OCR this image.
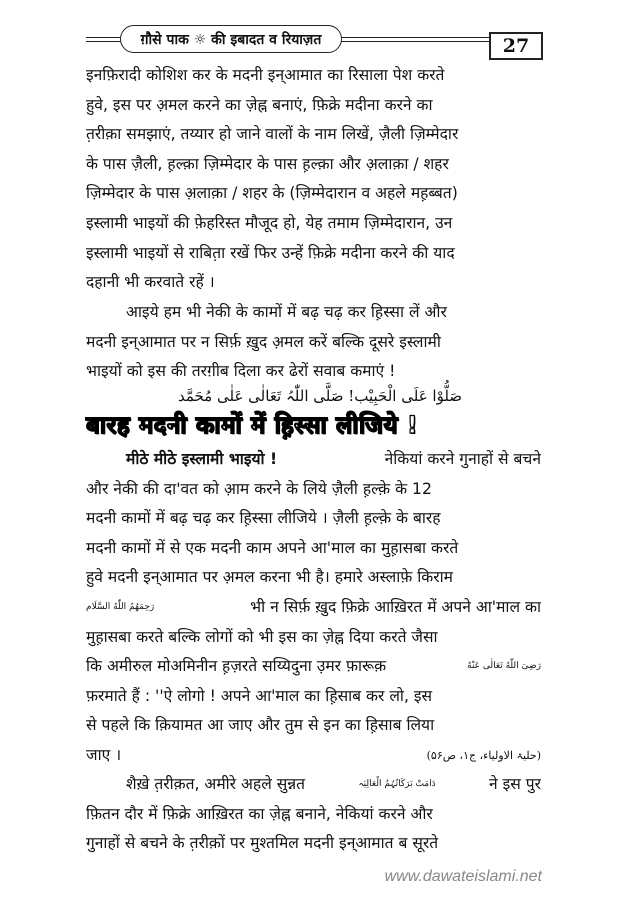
ग़ौसे पाक ☼ की इबादत व रियाज़त	27
इनफ़िरादी कोशिश कर के मदनी इन्आमात का रिसाला पेश करते
हुवे, इस पर अ़मल करने का ज़ेह्न बनाएं, फ़िक्रे मदीना करने का
त़रीक़ा समझाएं, तय्यार हो जाने वालों के नाम लिखें, ज़ैली ज़िम्मेदार
के पास ज़ैली, ह़ल्क़ा ज़िम्मेदार के पास ह़ल्क़ा और अ़लाक़ा / शहर
ज़िम्मेदार के पास अ़लाक़ा / शहर के (ज़िम्मेदारान व अहले मह़ब्बत)
इस्लामी भाइयों की फ़ेहरिस्त मौजूद हो, येह तमाम ज़िम्मेदारान, उन
इस्लामी भाइयों से राबित़ा रखें फिर उन्हें फ़िक्रे मदीना करने की याद
दहानी भी करवाते रहें ।
आइये हम भी नेकी के कामों में बढ़ चढ़ कर ह़िस्सा लें और
मदनी इन्आमात पर न सिर्फ़ ख़ुद अ़मल करें बल्कि दूसरे इस्लामी
भाइयों को इस की तरग़ीब दिला कर ढेरों सवाब कमाएं !
صَلُّوْا عَلَی الْحَبِیْب! صَلَّی اللّٰہُ تَعَالٰی عَلٰی مُحَمَّد
बारह मदनी कामों में ह़िस्सा लीजिये !
मीठे मीठे इस्लामी भाइयो !	नेकियां करने गुनाहों से बचने
और नेकी की दा'वत को आ़म करने के लिये ज़ैली ह़ल्के़ के 12
मदनी कामों में बढ़ चढ़ कर ह़िस्सा लीजिये । ज़ैली ह़ल्के़ के बारह
मदनी कामों में से एक मदनी काम अपने आ'माल का मुह़ासबा करते
हुवे मदनी इन्आमात पर अ़मल करना भी है। हमारे अस्लाफ़े किराम
رَحِمَهُمُ اللّٰهُ السَّلَام	भी न सिर्फ़ ख़ुद फ़िक्रे आख़िरत में अपने आ'माल का
मुह़ासबा करते बल्कि लोगों को भी इस का ज़ेह्न दिया करते जैसा
कि अमीरुल मोअमिनीन ह़ज़रते सय्यिदुना उ़मर फ़ारूक़	رَضِیَ اللّٰهُ تَعَالٰی عَنْهُ
फ़रमाते हैं : ''ऐ लोगो ! अपने आ'माल का ह़िसाब कर लो, इस
से पहले कि क़ियामत आ जाए और तुम से इन का ह़िसाब लिया
जाए ।	(حلیۃ الاولیاء، ج۱، ص۵۶)
शैख़े त़रीक़त, अमीरे अहले सुन्नत	دَامَتْ بَرَکَاتُہُمُ الْعَالِیَہ	ने इस पुर
फ़ितन दौर में फ़िक्रे आख़िरत का ज़ेह्न बनाने, नेकियां करने और
गुनाहों से बचने के त़रीक़ों पर मुश्तमिल मदनी इन्आमात ब सूरते
www.dawateislami.net
